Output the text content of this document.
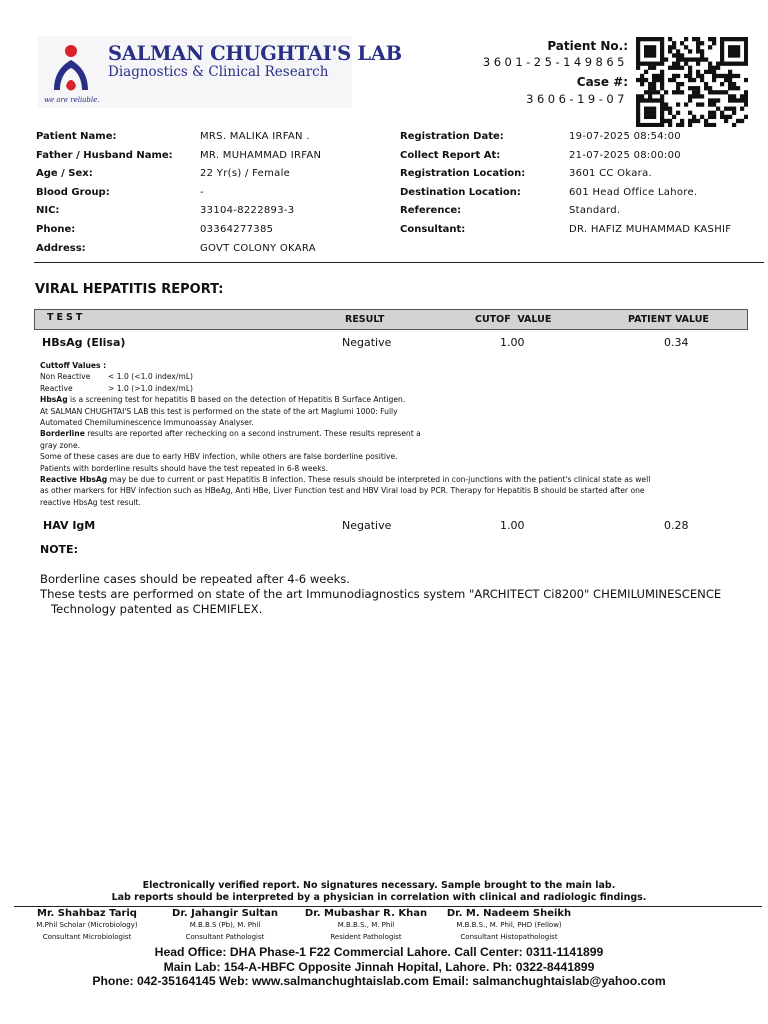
SALMAN CHUGHTAI'S LAB
Diagnostics & Clinical Research
we are reliable.
Patient No.:
3601-25-149865
Case #:
3606-19-07
Patient Name:	MRS. MALIKA IRFAN .	Registration Date:	19-07-2025 08:54:00
Father / Husband Name:	MR. MUHAMMAD IRFAN	Collect Report At:	21-07-2025 08:00:00
Age / Sex:	22 Yr(s) / Female	Registration Location:	3601 CC Okara.
Blood Group:	-	Destination Location:	601 Head Office Lahore.
NIC:	33104-8222893-3	Reference:	Standard.
Phone:	03364277385	Consultant:	DR. HAFIZ MUHAMMAD KASHIF
Address:	GOVT COLONY OKARA
VIRAL HEPATITIS REPORT:
TEST	RESULT	CUTOF  VALUE	PATIENT VALUE
HBsAg (Elisa)	Negative	1.00	0.34
Cuttoff Values :
Non Reactive < 1.0 (<1.0 index/mL)
Reactive	> 1.0 (>1.0 index/mL)
HbsAg is a screening test for hepatitis B based on the detection of Hepatitis B Surface Antigen.
At SALMAN CHUGHTAI'S LAB this test is performed on the state of the art Maglumi 1000: Fully
Automated Chemiluminescence Immunoassay Analyser.
Borderline results are reported after rechecking on a second instrument. These results represent a
gray zone.
Some of these cases are due to early HBV infection, while others are false borderline positive.
Patients with borderline results should have the test repeated in 6-8 weeks.
Reactive HbsAg may be due to current or past Hepatitis B infection. These resuls should be interpreted in con-junctions with the patient's clinical state as well
as other markers for HBV infection such as HBeAg, Anti HBe, Liver Function test and HBV Viral load by PCR. Therapy for Hepatitis B should be started after one
reactive HbsAg test result.
HAV IgM	Negative	1.00	0.28
NOTE:
Borderline cases should be repeated after 4-6 weeks.
These tests are performed on state of the art Immunodiagnostics system "ARCHITECT Ci8200" CHEMILUMINESCENCE
Technology patented as CHEMIFLEX.
Electronically verified report. No signatures necessary. Sample brought to the main lab.
Lab reports should be interpreted by a physician in correlation with clinical and radiologic findings.
Mr. Shahbaz Tariq
M.Phil Scholar (Microbiology)
Consultant Microbiologist
Dr. Jahangir Sultan
M.B.B.S (Pb), M. Phil
Consultant Pathologist
Dr. Mubashar R. Khan
M.B.B.S., M. Phil
Resident Pathologist
Dr. M. Nadeem Sheikh
M.B.B.S., M. Phil, PHD (Fellow)
Consultant Histopathologist
Head Office: DHA Phase-1 F22 Commercial Lahore. Call Center: 0311-1141899
Main Lab: 154-A-HBFC Opposite Jinnah Hopital, Lahore. Ph: 0322-8441899
Phone: 042-35164145 Web: www.salmanchughtaislab.com Email: salmanchughtaislab@yahoo.com
